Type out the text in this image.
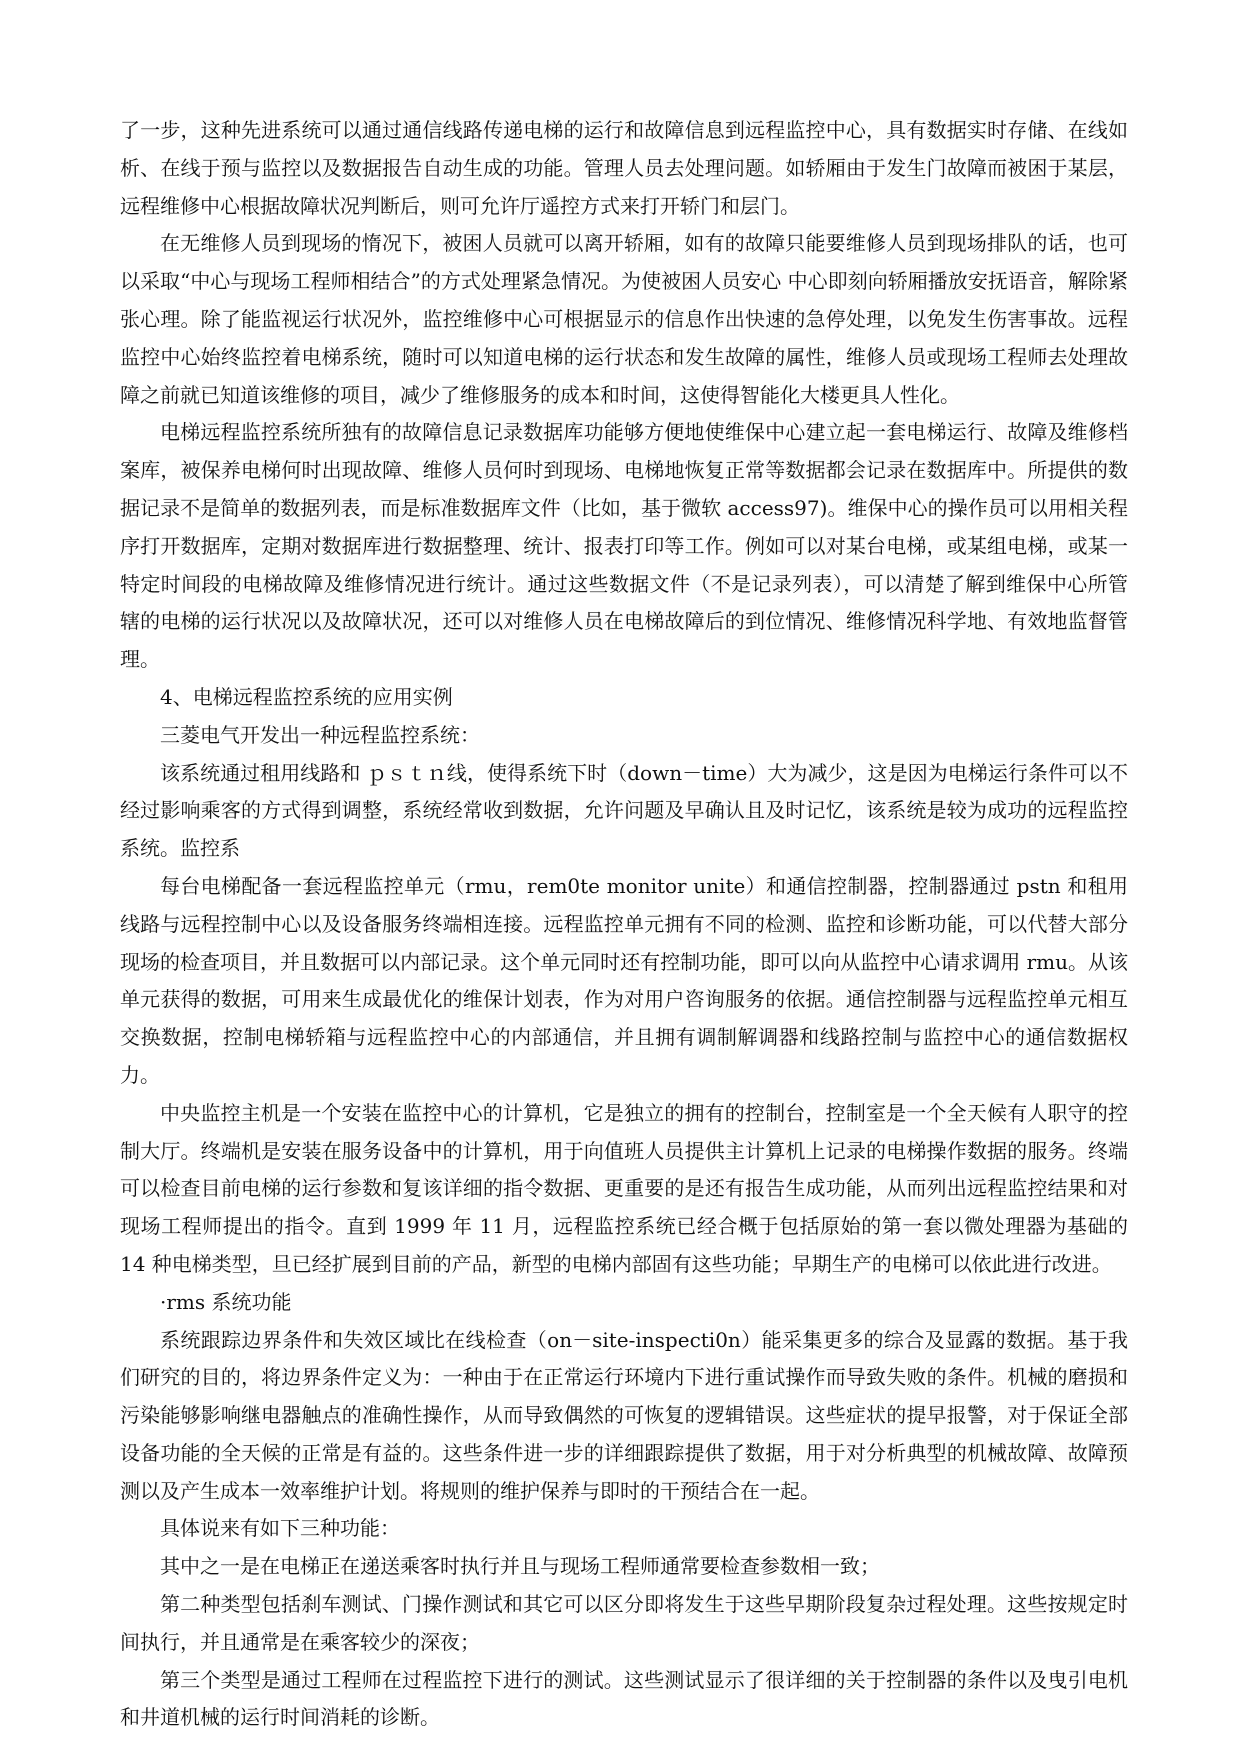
了一步，这种先进系统可以通过通信线路传递电梯的运行和故障信息到远程监控中心，具有数据实时存储、在线如析、在线于预与监控以及数据报告自动生成的功能。管理人员去处理问题。如轿厢由于发生门故障而被困于某层，远程维修中心根据故障状况判断后，则可允许厅遥控方式来打开轿门和层门。

在无维修人员到现场的惰况下，被困人员就可以离开轿厢，如有的故障只能要维修人员到现场排队的话，也可以采取“中心与现场工程师相结合”的方式处理紧急情况。为使被困人员安心 中心即刻向轿厢播放安抚语音，解除紧张心理。除了能监视运行状况外，监控维修中心可根据显示的信息作出快速的急停处理，以免发生伤害事故。远程监控中心始终监控着电梯系统，随时可以知道电梯的运行状态和发生故障的属性，维修人员或现场工程师去处理故障之前就已知道该维修的项目，减少了维修服务的成本和时间，这使得智能化大楼更具人性化。

电梯远程监控系统所独有的故障信息记录数据库功能够方便地使维保中心建立起一套电梯运行、故障及维修档案库，被保养电梯何时出现故障、维修人员何时到现场、电梯地恢复正常等数据都会记录在数据库中。所提供的数据记录不是简单的数据列表，而是标准数据库文件（比如，基于微软 access97)。维保中心的操作员可以用相关程序打开数据库，定期对数据库进行数据整理、统计、报表打印等工作。例如可以对某台电梯，或某组电梯，或某一特定时间段的电梯故障及维修情况进行统计。通过这些数据文件（不是记录列表），可以清楚了解到维保中心所管辖的电梯的运行状况以及故障状况，还可以对维修人员在电梯故障后的到位情况、维修情况科学地、有效地监督管理。

4、电梯远程监控系统的应用实例

三菱电气开发出一种远程监控系统：

该系统通过租用线路和 ｐｓｔｎ线，使得系统下时（down－time）大为减少，这是因为电梯运行条件可以不经过影响乘客的方式得到调整，系统经常收到数据，允许问题及早确认且及时记忆，该系统是较为成功的远程监控系统。监控系

每台电梯配备一套远程监控单元（rmu，rem0te monitor unite）和通信控制器，控制器通过 pstn 和租用线路与远程控制中心以及设备服务终端相连接。远程监控单元拥有不同的检测、监控和诊断功能，可以代替大部分现场的检查项目，并且数据可以内部记录。这个单元同时还有控制功能，即可以向从监控中心请求调用 rmu。从该单元获得的数据，可用来生成最优化的维保计划表，作为对用户咨询服务的依据。通信控制器与远程监控单元相互交换数据，控制电梯轿箱与远程监控中心的内部通信，并且拥有调制解调器和线路控制与监控中心的通信数据权力。

中央监控主机是一个安装在监控中心的计算机，它是独立的拥有的控制台，控制室是一个全天候有人职守的控制大厅。终端机是安装在服务设备中的计算机，用于向值班人员提供主计算机上记录的电梯操作数据的服务。终端可以检查目前电梯的运行参数和复该详细的指令数据、更重要的是还有报告生成功能，从而列出远程监控结果和对现场工程师提出的指令。直到 1999 年 11 月，远程监控系统已经合概于包括原始的第一套以微处理器为基础的 14 种电梯类型，旦已经扩展到目前的产品，新型的电梯内部固有这些功能；早期生产的电梯可以依此进行改进。

·rms 系统功能

系统跟踪边界条件和失效区域比在线检查（on－site-inspecti0n）能采集更多的综合及显露的数据。基于我们研究的目的，将边界条件定义为：一种由于在正常运行环境内下进行重试操作而导致失败的条件。机械的磨损和污染能够影响继电器触点的准确性操作，从而导致偶然的可恢复的逻辑错误。这些症状的提早报警，对于保证全部设备功能的全天候的正常是有益的。这些条件进一步的详细跟踪提供了数据，用于对分析典型的机械故障、故障预测以及产生成本一效率维护计划。将规则的维护保养与即时的干预结合在一起。

具体说来有如下三种功能：

其中之一是在电梯正在递送乘客时执行并且与现场工程师通常要检查参数相一致；

第二种类型包括刹车测试、门操作测试和其它可以区分即将发生于这些早期阶段复杂过程处理。这些按规定时间执行，并且通常是在乘客较少的深夜；

第三个类型是通过工程师在过程监控下进行的测试。这些测试显示了很详细的关于控制器的条件以及曳引电机和井道机械的运行时间消耗的诊断。
